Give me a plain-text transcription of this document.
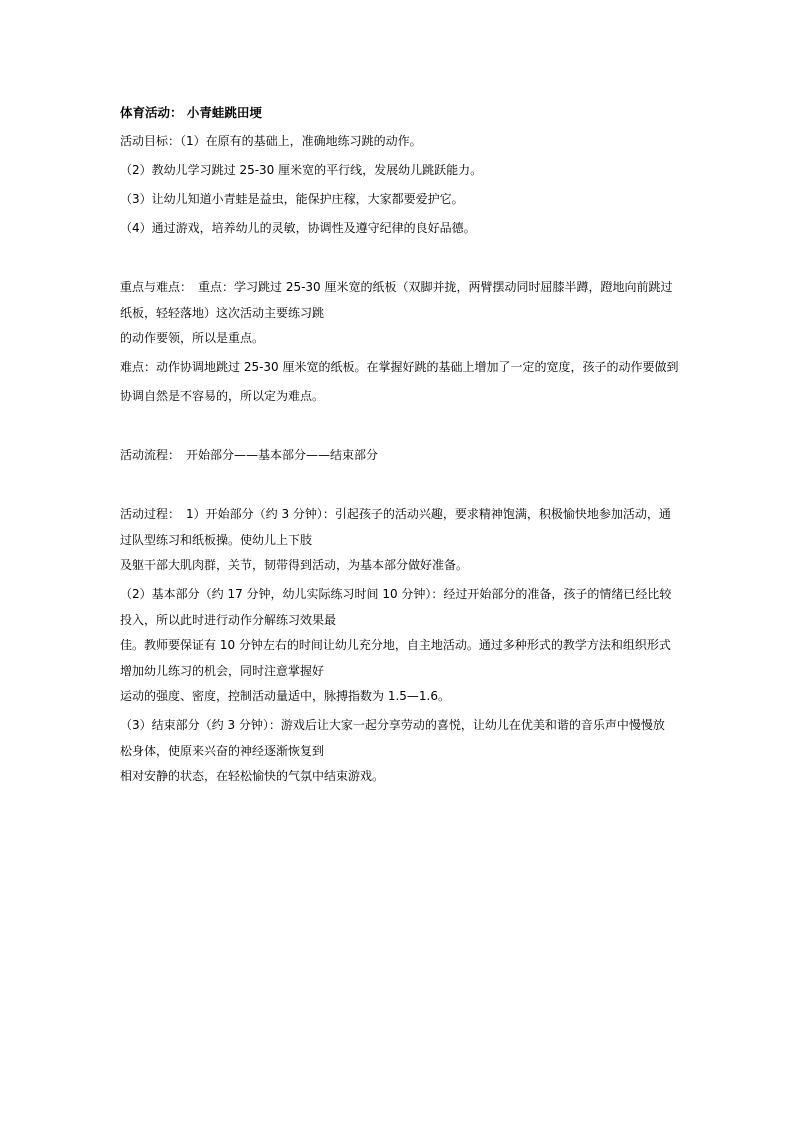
体育活动： 小青蛙跳田埂
活动目标：（1）在原有的基础上，准确地练习跳的动作。
（2）教幼儿学习跳过 25-30 厘米宽的平行线，发展幼儿跳跃能力。
（3）让幼儿知道小青蛙是益虫，能保护庄稼，大家都要爱护它。
（4）通过游戏，培养幼儿的灵敏，协调性及遵守纪律的良好品德。
重点与难点：　重点：学习跳过 25-30 厘米宽的纸板（双脚并拢，两臂摆动同时屈膝半蹲，蹬地向前跳过
纸板，轻轻落地）这次活动主要练习跳
的动作要领，所以是重点。
难点：动作协调地跳过 25-30 厘米宽的纸板。在掌握好跳的基础上增加了一定的宽度，孩子的动作要做到
协调自然是不容易的，所以定为难点。
活动流程：　开始部分——基本部分——结束部分
活动过程：　1）开始部分（约 3 分钟）：引起孩子的活动兴趣，要求精神饱满，积极愉快地参加活动，通
过队型练习和纸板操。使幼儿上下肢
及躯干部大肌肉群，关节，韧带得到活动，为基本部分做好准备。
（2）基本部分（约 17 分钟，幼儿实际练习时间 10 分钟）：经过开始部分的准备，孩子的情绪已经比较
投入，所以此时进行动作分解练习效果最
佳。教师要保证有 10 分钟左右的时间让幼儿充分地，自主地活动。通过多种形式的教学方法和组织形式
增加幼儿练习的机会，同时注意掌握好
运动的强度、密度，控制活动量适中，脉搏指数为 1.5—1.6。
（3）结束部分（约 3 分钟）：游戏后让大家一起分享劳动的喜悦，让幼儿在优美和谐的音乐声中慢慢放
松身体，使原来兴奋的神经逐渐恢复到
相对安静的状态，在轻松愉快的气氛中结束游戏。
